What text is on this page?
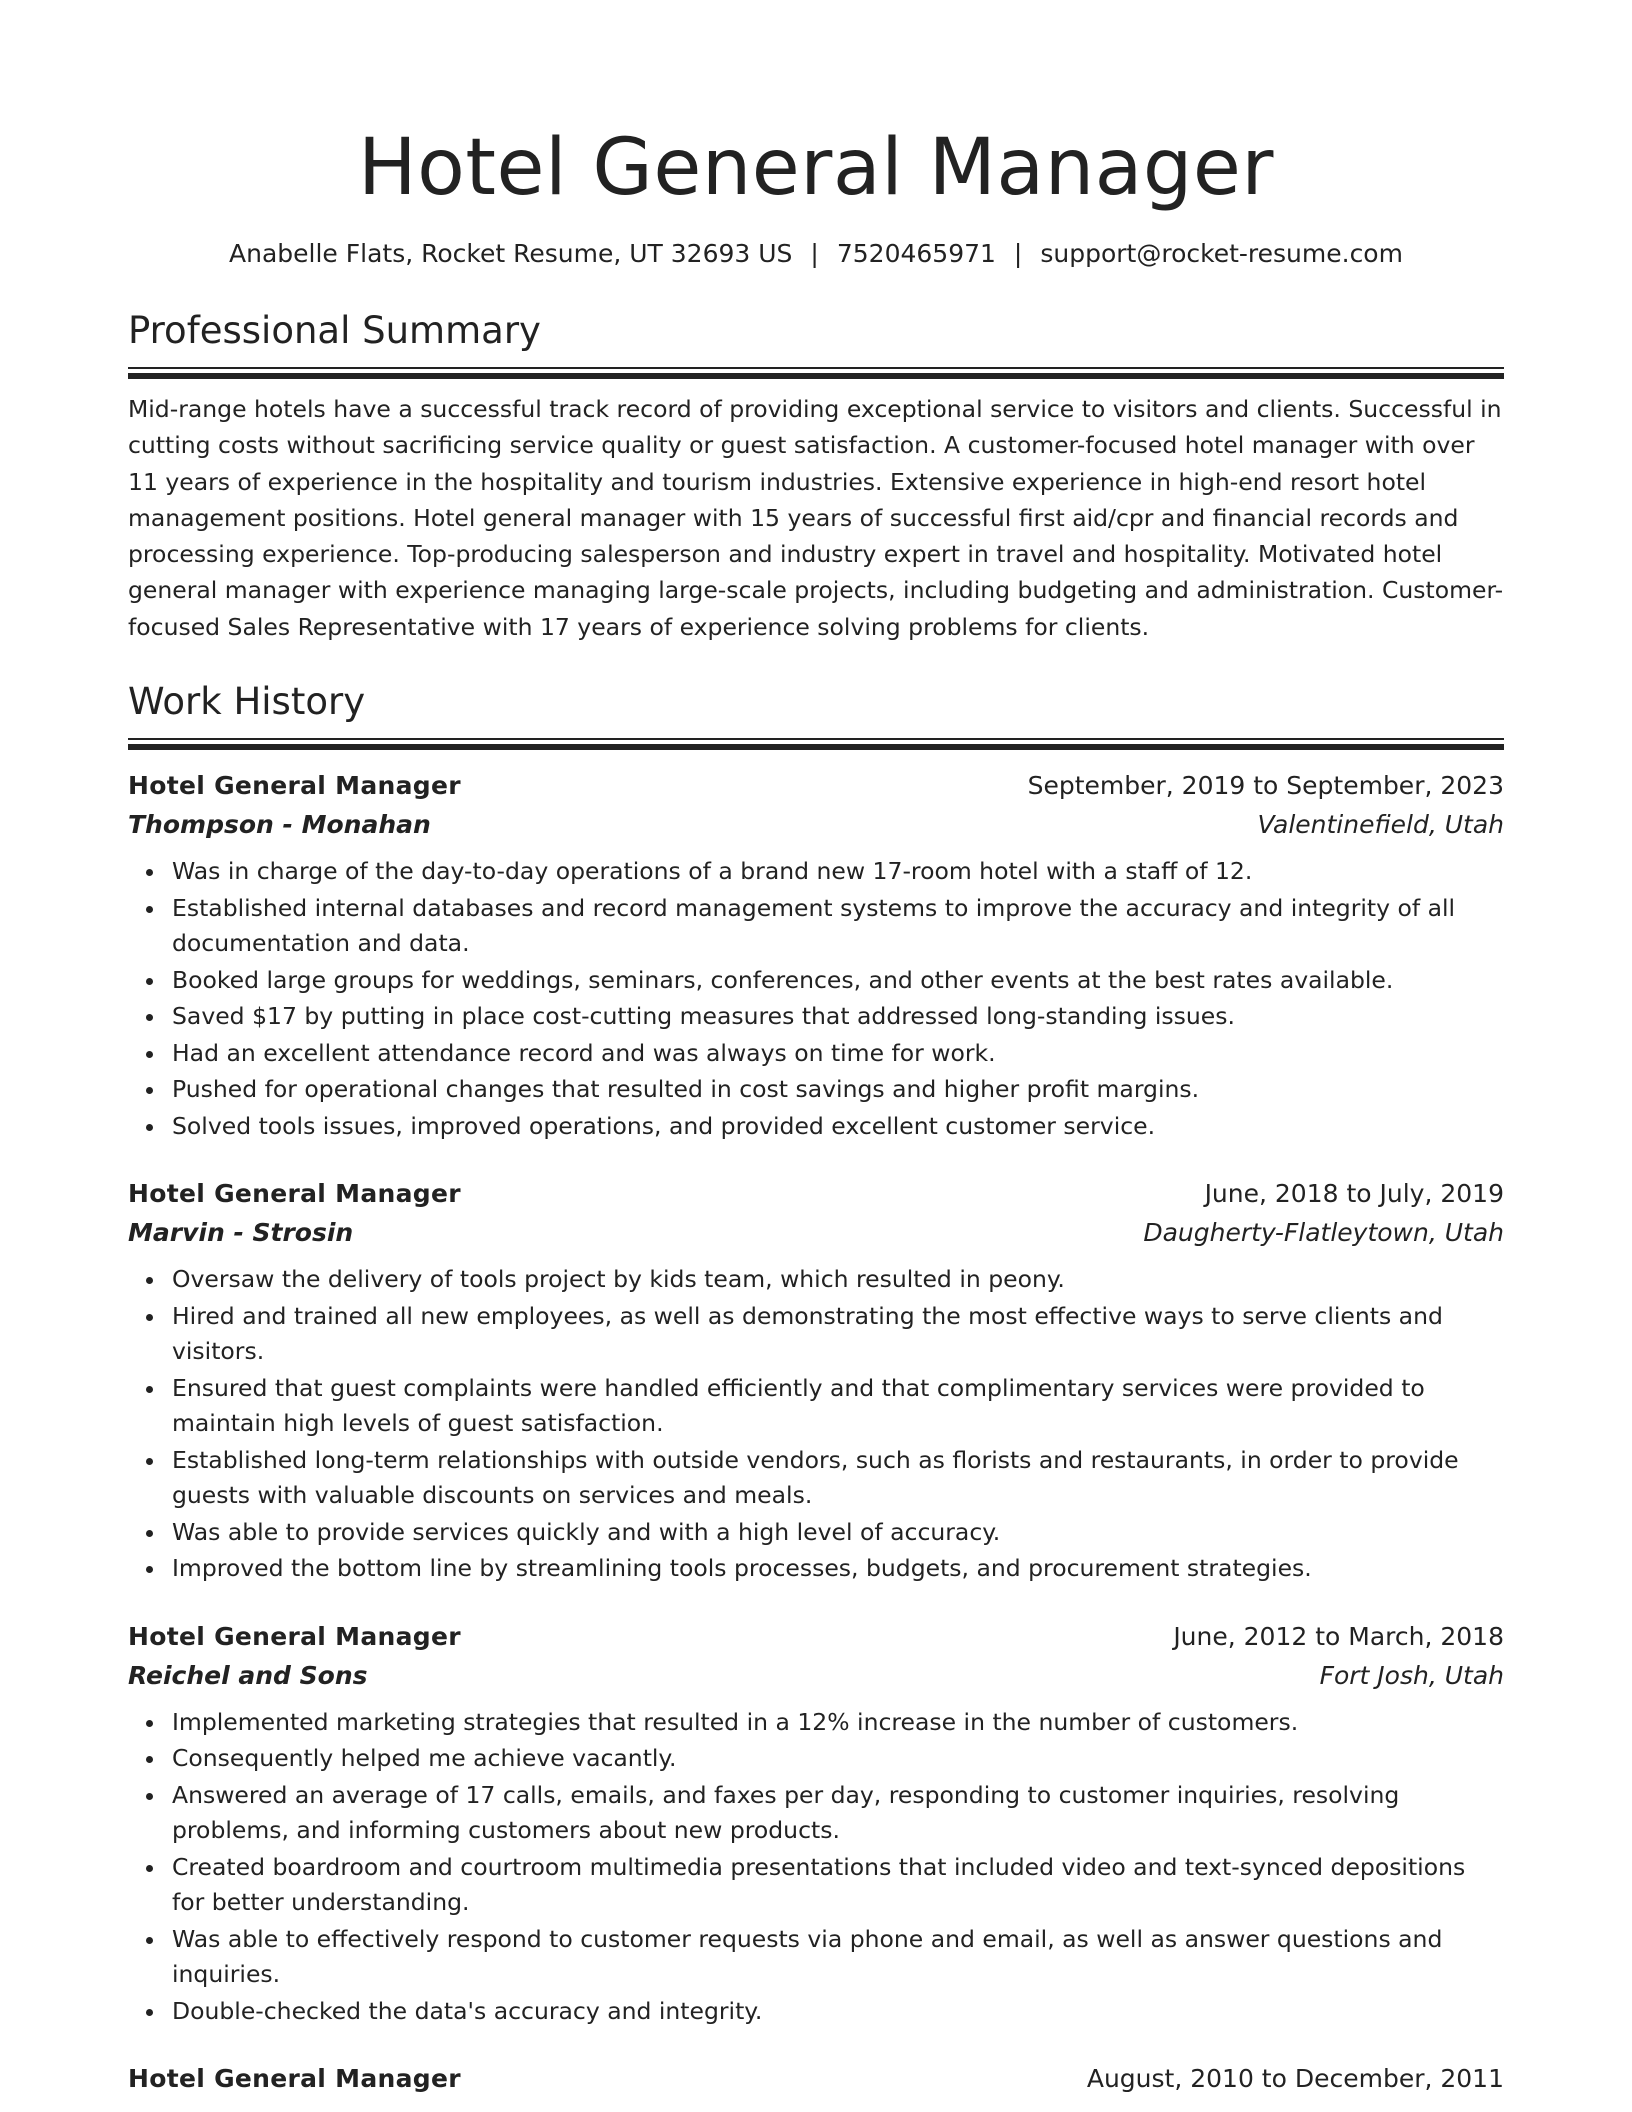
Hotel General Manager
Anabelle Flats, Rocket Resume, UT 32693 US | 7520465971 | support@rocket-resume.com
Professional Summary

Mid-range hotels have a successful track record of providing exceptional service to visitors and clients. Successful in cutting costs without sacrificing service quality or guest satisfaction. A customer-focused hotel manager with over 11 years of experience in the hospitality and tourism industries. Extensive experience in high-end resort hotel management positions. Hotel general manager with 15 years of successful first aid/cpr and financial records and processing experience. Top-producing salesperson and industry expert in travel and hospitality. Motivated hotel general manager with experience managing large-scale projects, including budgeting and administration. Customer-focused Sales Representative with 17 years of experience solving problems for clients.

Work History
Hotel General Manager	September, 2019 to September, 2023
Thompson - Monahan	Valentinefield, Utah
Was in charge of the day-to-day operations of a brand new 17-room hotel with a staff of 12.
Established internal databases and record management systems to improve the accuracy and integrity of all documentation and data.
Booked large groups for weddings, seminars, conferences, and other events at the best rates available.
Saved $17 by putting in place cost-cutting measures that addressed long-standing issues.
Had an excellent attendance record and was always on time for work.
Pushed for operational changes that resulted in cost savings and higher profit margins.
Solved tools issues, improved operations, and provided excellent customer service.
Hotel General Manager	June, 2018 to July, 2019
Marvin - Strosin	Daugherty-Flatleytown, Utah
Oversaw the delivery of tools project by kids team, which resulted in peony.
Hired and trained all new employees, as well as demonstrating the most effective ways to serve clients and visitors.
Ensured that guest complaints were handled efficiently and that complimentary services were provided to maintain high levels of guest satisfaction.
Established long-term relationships with outside vendors, such as florists and restaurants, in order to provide guests with valuable discounts on services and meals.
Was able to provide services quickly and with a high level of accuracy.
Improved the bottom line by streamlining tools processes, budgets, and procurement strategies.
Hotel General Manager	June, 2012 to March, 2018
Reichel and Sons	Fort Josh, Utah
Implemented marketing strategies that resulted in a 12% increase in the number of customers.
Consequently helped me achieve vacantly.
Answered an average of 17 calls, emails, and faxes per day, responding to customer inquiries, resolving problems, and informing customers about new products.
Created boardroom and courtroom multimedia presentations that included video and text-synced depositions for better understanding.
Was able to effectively respond to customer requests via phone and email, as well as answer questions and inquiries.
Double-checked the data's accuracy and integrity.
Hotel General Manager	August, 2010 to December, 2011
